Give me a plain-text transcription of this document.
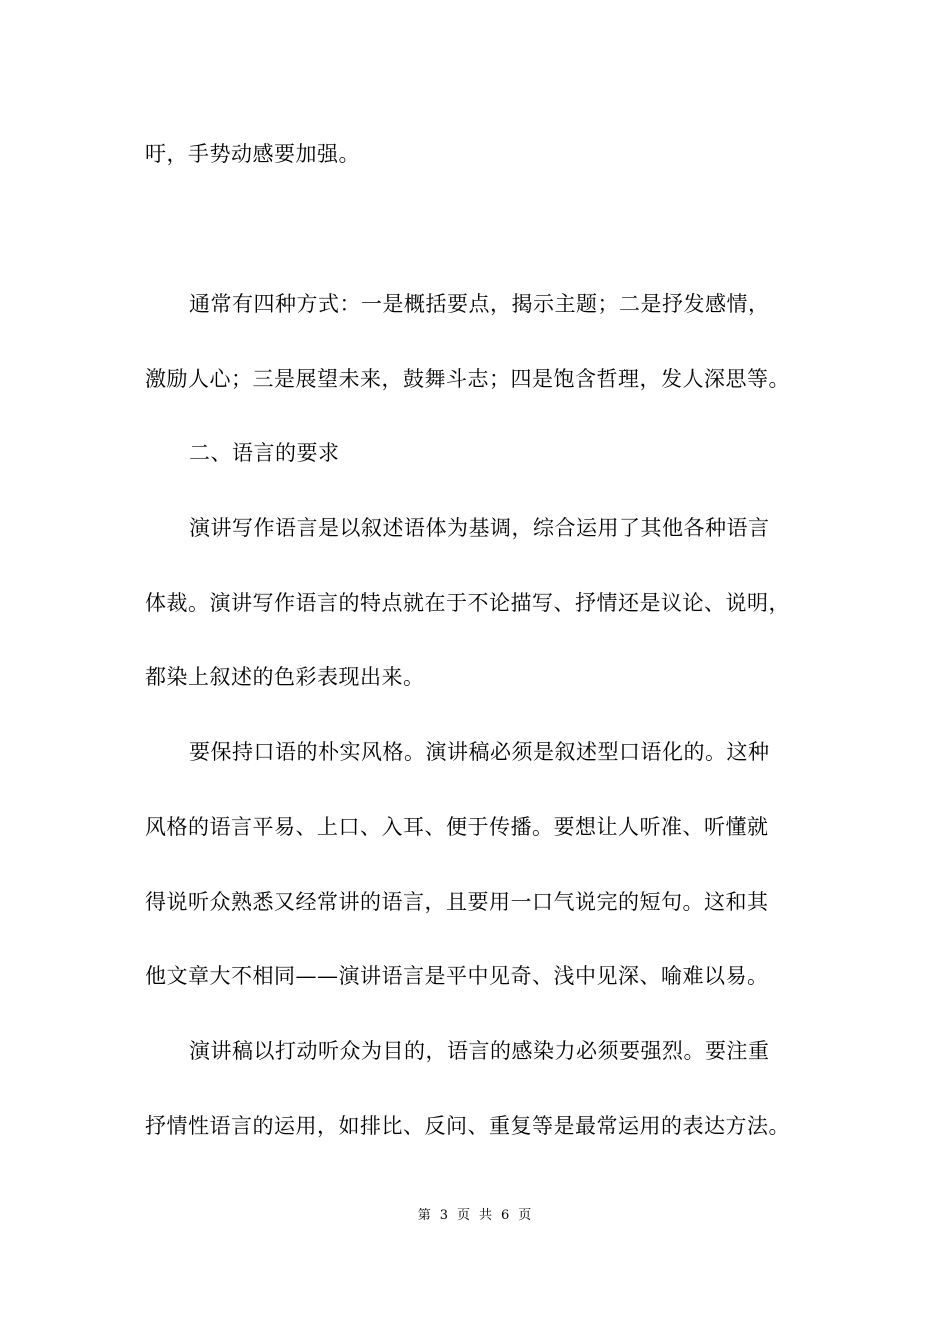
吁，手势动感要加强。
通常有四种方式：一是概括要点，揭示主题；二是抒发感情，
激励人心；三是展望未来，鼓舞斗志；四是饱含哲理，发人深思等。
二、语言的要求
演讲写作语言是以叙述语体为基调，综合运用了其他各种语言
体裁。演讲写作语言的特点就在于不论描写、抒情还是议论、说明，
都染上叙述的色彩表现出来。
要保持口语的朴实风格。演讲稿必须是叙述型口语化的。这种
风格的语言平易、上口、入耳、便于传播。要想让人听准、听懂就
得说听众熟悉又经常讲的语言，且要用一口气说完的短句。这和其
他文章大不相同——演讲语言是平中见奇、浅中见深、喻难以易。
演讲稿以打动听众为目的，语言的感染力必须要强烈。要注重
抒情性语言的运用，如排比、反问、重复等是最常运用的表达方法。
第 3 页 共 6 页
